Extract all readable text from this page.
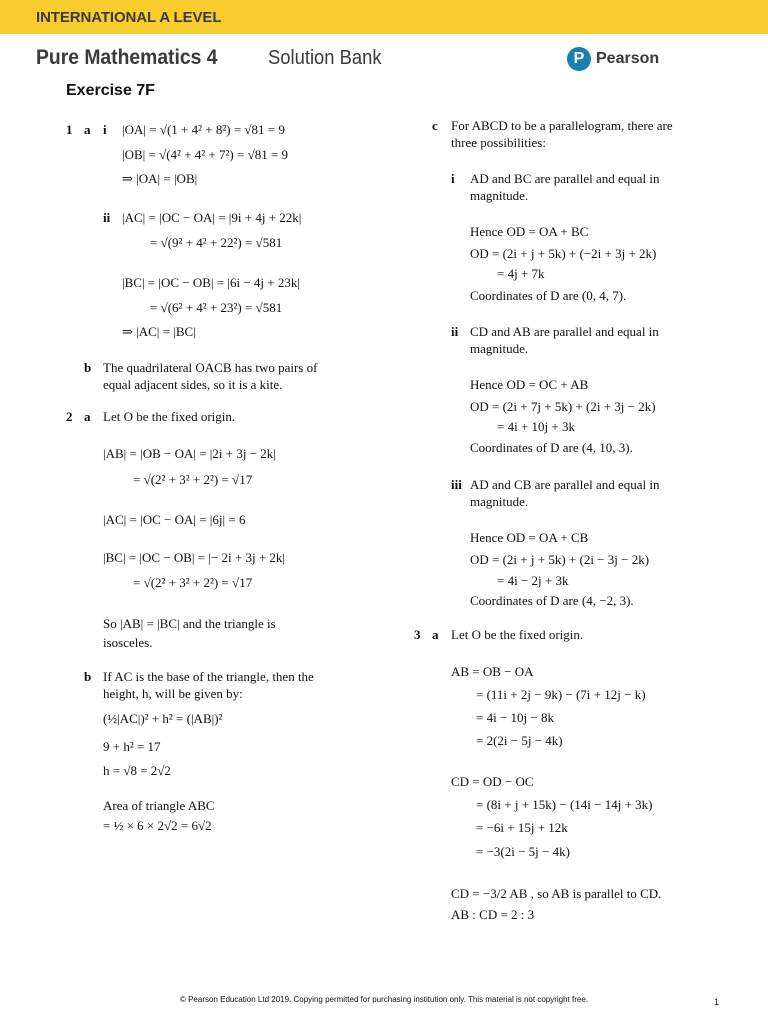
INTERNATIONAL A LEVEL
Pure Mathematics 4	Solution Bank	P Pearson
Exercise 7F
1 a i |OA| = √(1 + 4² + 8²) = √81 = 9
|OB| = √(4² + 4² + 7²) = √81 = 9
⇒ |OA| = |OB|
ii |AC| = |OC − OA| = |9i + 4j + 22k|
= √(9² + 4² + 22²) = √581
|BC| = |OC − OB| = |6i − 4j + 23k|
= √(6² + 4² + 23²) = √581
⇒ |AC| = |BC|
b The quadrilateral OACB has two pairs of
equal adjacent sides, so it is a kite.
2 a Let O be the fixed origin.
|AB| = |OB − OA| = |2i + 3j − 2k|
= √(2² + 3² + 2²) = √17
|AC| = |OC − OA| = |6j| = 6
|BC| = |OC − OB| = |− 2i + 3j + 2k|
= √(2² + 3² + 2²) = √17
So |AB| = |BC| and the triangle is
isosceles.
b If AC is the base of the triangle, then the
height, h, will be given by:
(½|AC|)² + h² = (|AB|)²
9 + h² = 17
h = √8 = 2√2
Area of triangle ABC
= ½ × 6 × 2√2 = 6√2
c For ABCD to be a parallelogram, there are
three possibilities:
i AD and BC are parallel and equal in
magnitude.
Hence OD = OA + BC
OD = (2i + j + 5k) + (−2i + 3j + 2k)
= 4j + 7k
Coordinates of D are (0, 4, 7).
ii CD and AB are parallel and equal in
magnitude.
Hence OD = OC + AB
OD = (2i + 7j + 5k) + (2i + 3j − 2k)
= 4i + 10j + 3k
Coordinates of D are (4, 10, 3).
iii AD and CB are parallel and equal in
magnitude.
Hence OD = OA + CB
OD = (2i + j + 5k) + (2i − 3j − 2k)
= 4i − 2j + 3k
Coordinates of D are (4, −2, 3).
3 a Let O be the fixed origin.
AB = OB − OA
= (11i + 2j − 9k) − (7i + 12j − k)
= 4i − 10j − 8k
= 2(2i − 5j − 4k)
CD = OD − OC
= (8i + j + 15k) − (14i − 14j + 3k)
= −6i + 15j + 12k
= −3(2i − 5j − 4k)
CD = −3/2 AB , so AB is parallel to CD.
AB : CD = 2 : 3
© Pearson Education Ltd 2019. Copying permitted for purchasing institution only. This material is not copyright free.	1
